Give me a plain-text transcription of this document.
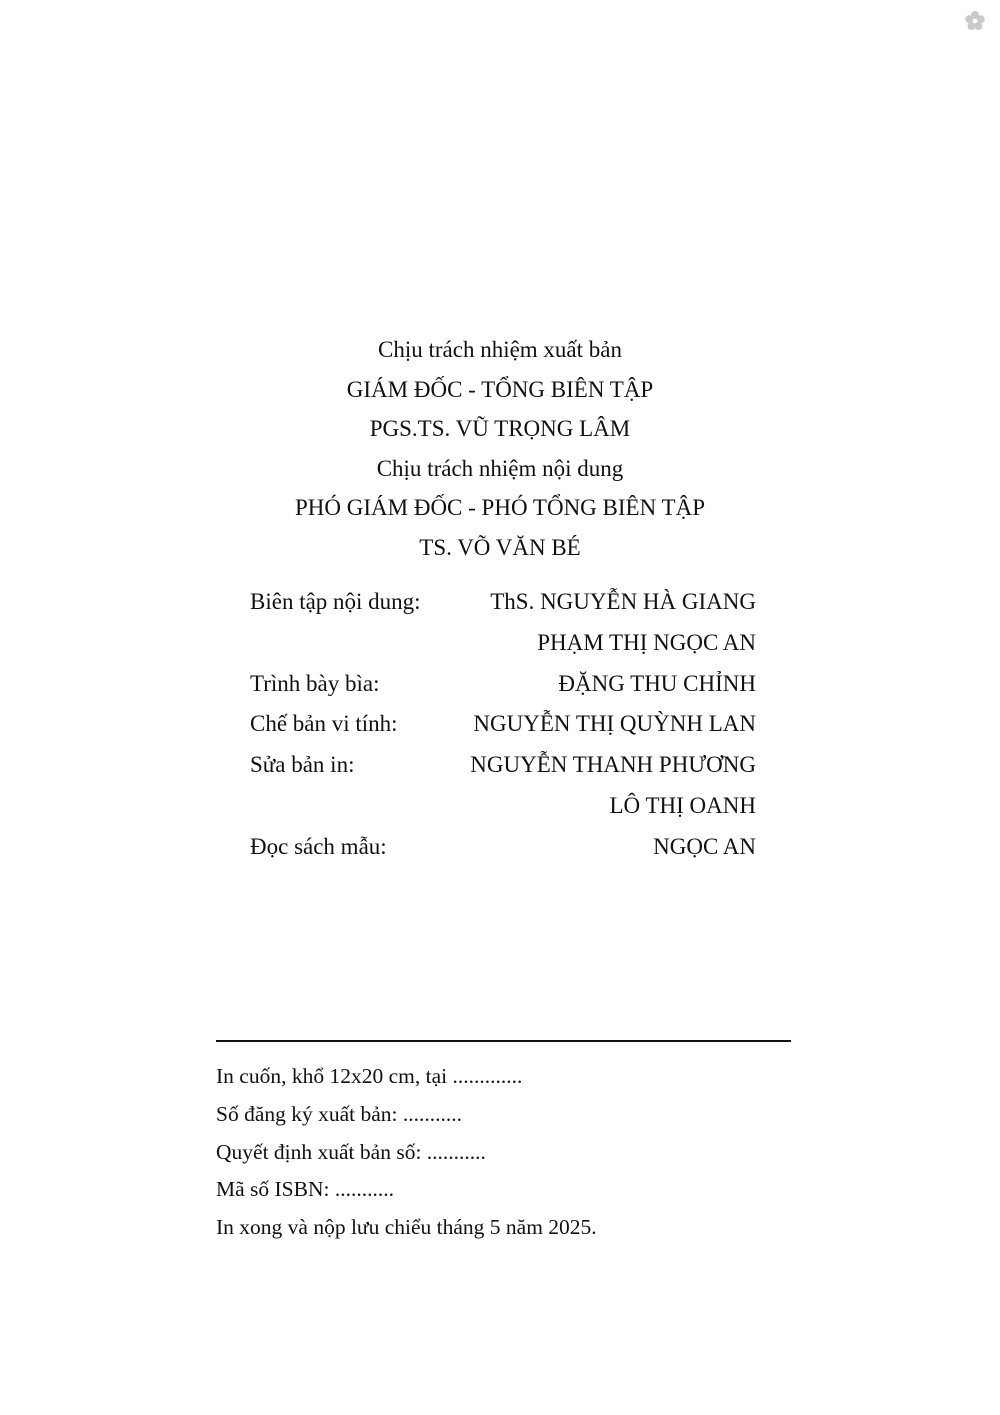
Chịu trách nhiệm xuất bản
GIÁM ĐỐC - TỔNG BIÊN TẬP
PGS.TS. VŨ TRỌNG LÂM
Chịu trách nhiệm nội dung
PHÓ GIÁM ĐỐC - PHÓ TỔNG BIÊN TẬP
TS. VÕ VĂN BÉ
Biên tập nội dung:	ThS. NGUYỄN HÀ GIANG
PHẠM THỊ NGỌC AN
Trình bày bìa:	ĐẶNG THU CHỈNH
Chế bản vi tính:	NGUYỄN THỊ QUỲNH LAN
Sửa bản in:	NGUYỄN THANH PHƯƠNG
LÔ THỊ OANH
Đọc sách mẫu:	NGỌC AN
In cuốn, khổ 12x20 cm, tại .............
Số đăng ký xuất bản: ...........
Quyết định xuất bản số: ...........
Mã số ISBN: ...........
In xong và nộp lưu chiểu tháng 5 năm 2025.
